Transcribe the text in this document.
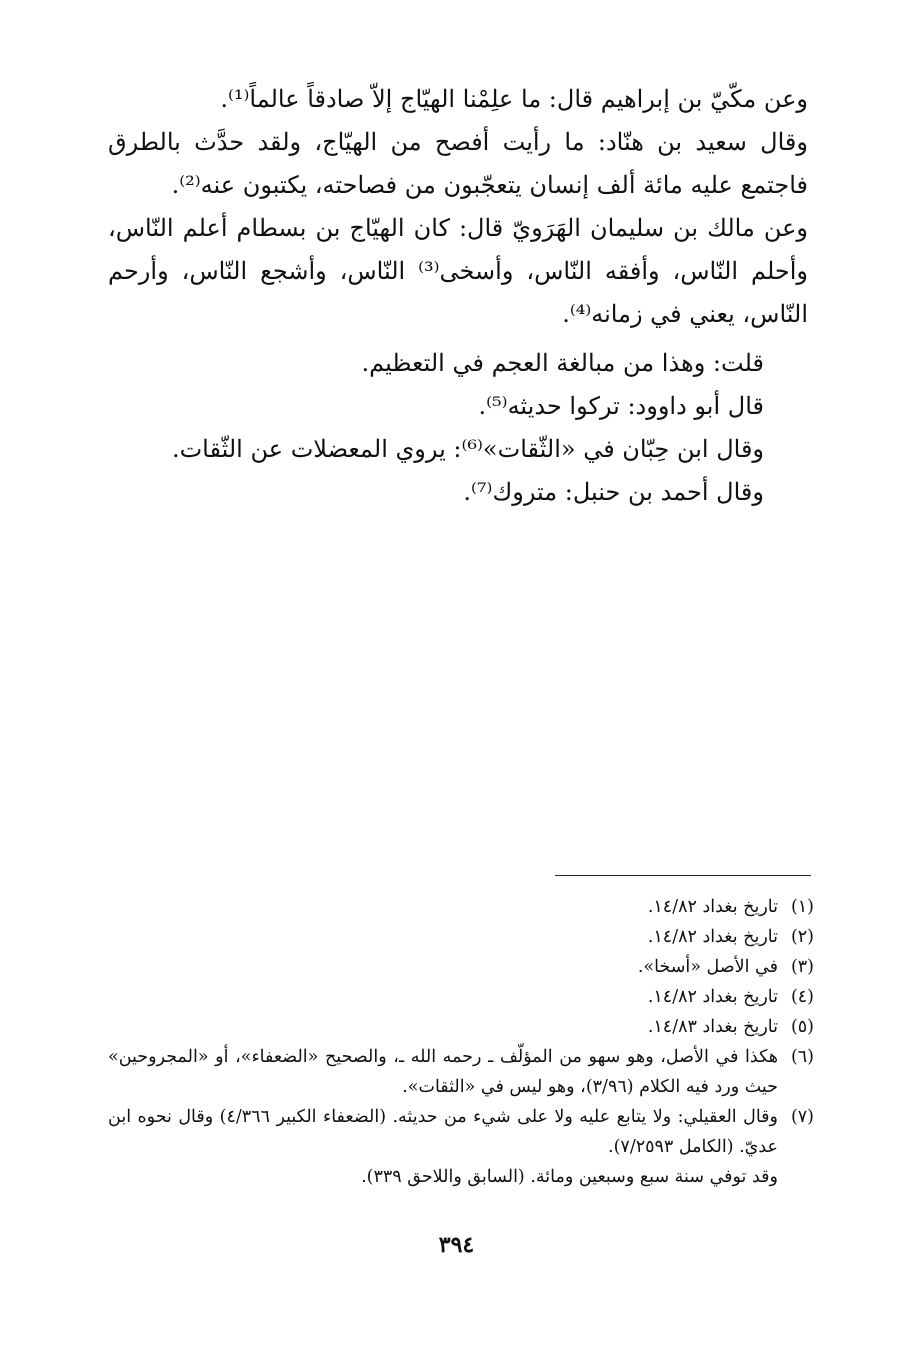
وعن مكّيّ بن إبراهيم قال: ما علِمْنا الهيّاج إلاّ صادقاً عالماً⁽¹⁾.

وقال سعيد بن هنّاد: ما رأيت أفصح من الهيّاج، ولقد حدَّث بالطرق فاجتمع عليه مائة ألف إنسان يتعجّبون من فصاحته، يكتبون عنه⁽²⁾.

وعن مالك بن سليمان الهَرَويّ قال: كان الهيّاج بن بسطام أعلم النّاس، وأحلم النّاس، وأفقه النّاس، وأسخى⁽³⁾ النّاس، وأشجع النّاس، وأرحم النّاس، يعني في زمانه⁽⁴⁾.

قلت: وهذا من مبالغة العجم في التعظيم.

قال أبو داوود: تركوا حديثه⁽⁵⁾.

وقال ابن حِبّان في «الثّقات»⁽⁶⁾: يروي المعضلات عن الثّقات.

وقال أحمد بن حنبل: متروك⁽⁷⁾.

(١)
تاريخ بغداد ١٤/٨٢.
(٢)
تاريخ بغداد ١٤/٨٢.
(٣)
في الأصل «أسخا».
(٤)
تاريخ بغداد ١٤/٨٢.
(٥)
تاريخ بغداد ١٤/٨٣.
(٦)
هكذا في الأصل، وهو سهو من المؤلّف ـ رحمه الله ـ، والصحيح «الضعفاء»، أو «المجروحين» حيث ورد فيه الكلام (٣/٩٦)، وهو ليس في «الثقات».
(٧)
وقال العقيلي: ولا يتابع عليه ولا على شيء من حديثه. (الضعفاء الكبير ٤/٣٦٦) وقال نحوه ابن عديّ. (الكامل ٧/٢٥٩٣).
وقد توفي سنة سبع وسبعين ومائة. (السابق واللاحق ٣٣٩).
٣٩٤
